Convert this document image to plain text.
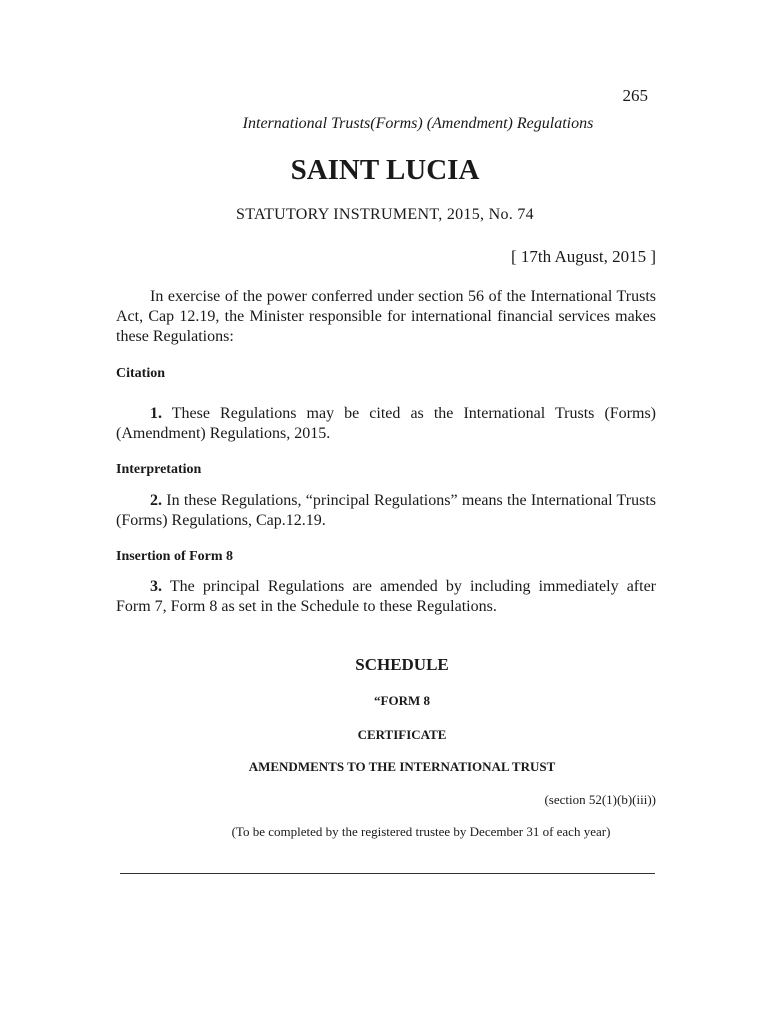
265
International Trusts(Forms) (Amendment) Regulations
SAINT LUCIA
STATUTORY INSTRUMENT, 2015, No. 74
[ 17th August, 2015 ]
In exercise of the power conferred under section 56 of the International Trusts Act, Cap 12.19, the Minister responsible for international financial services makes these Regulations:
Citation
1. These Regulations may be cited as the International Trusts (Forms) (Amendment) Regulations, 2015.
Interpretation
2. In these Regulations, “principal Regulations” means the International Trusts (Forms) Regulations, Cap.12.19.
Insertion of Form 8
3. The principal Regulations are amended by including immediately after Form 7, Form 8 as set in the Schedule to these Regulations.
SCHEDULE
“FORM 8
CERTIFICATE
AMENDMENTS TO THE INTERNATIONAL TRUST
(section 52(1)(b)(iii))
(To be completed by the registered trustee by December 31 of each year)
